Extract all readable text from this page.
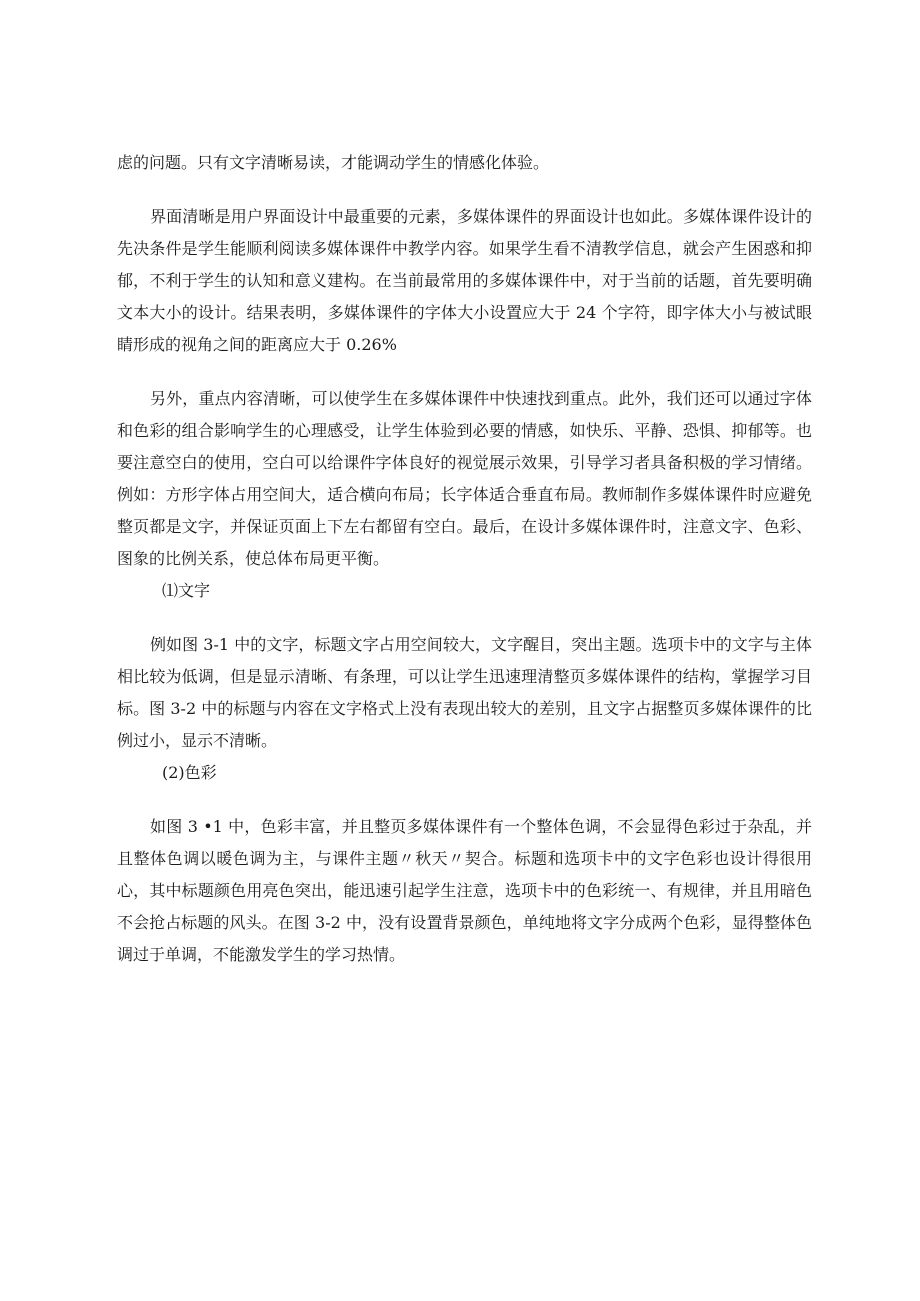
虑的问题。只有文字清晰易读，才能调动学生的情感化体验。

界面清晰是用户界面设计中最重要的元素，多媒体课件的界面设计也如此。多媒体课件设计的先决条件是学生能顺利阅读多媒体课件中教学内容。如果学生看不清教学信息，就会产生困惑和抑郁，不利于学生的认知和意义建构。在当前最常用的多媒体课件中，对于当前的话题，首先要明确文本大小的设计。结果表明，多媒体课件的字体大小设置应大于 24 个字符，即字体大小与被试眼睛形成的视角之间的距离应大于 0.26%

另外，重点内容清晰，可以使学生在多媒体课件中快速找到重点。此外，我们还可以通过字体和色彩的组合影响学生的心理感受，让学生体验到必要的情感，如快乐、平静、恐惧、抑郁等。也要注意空白的使用，空白可以给课件字体良好的视觉展示效果，引导学习者具备积极的学习情绪。例如：方形字体占用空间大，适合横向布局；长字体适合垂直布局。教师制作多媒体课件时应避免整页都是文字，并保证页面上下左右都留有空白。最后，在设计多媒体课件时，注意文字、色彩、图象的比例关系，使总体布局更平衡。

⑴文字

例如图 3-1 中的文字，标题文字占用空间较大，文字醒目，突出主题。选项卡中的文字与主体相比较为低调，但是显示清晰、有条理，可以让学生迅速理清整页多媒体课件的结构，掌握学习目标。图 3-2 中的标题与内容在文字格式上没有表现出较大的差别，且文字占据整页多媒体课件的比例过小，显示不清晰。

(2)色彩

如图 3 •1 中，色彩丰富，并且整页多媒体课件有一个整体色调，不会显得色彩过于杂乱，并且整体色调以暖色调为主，与课件主题〃秋天〃契合。标题和选项卡中的文字色彩也设计得很用心，其中标题颜色用亮色突出，能迅速引起学生注意，选项卡中的色彩统一、有规律，并且用暗色不会抢占标题的风头。在图 3-2 中，没有设置背景颜色，单纯地将文字分成两个色彩，显得整体色调过于单调，不能激发学生的学习热情。
